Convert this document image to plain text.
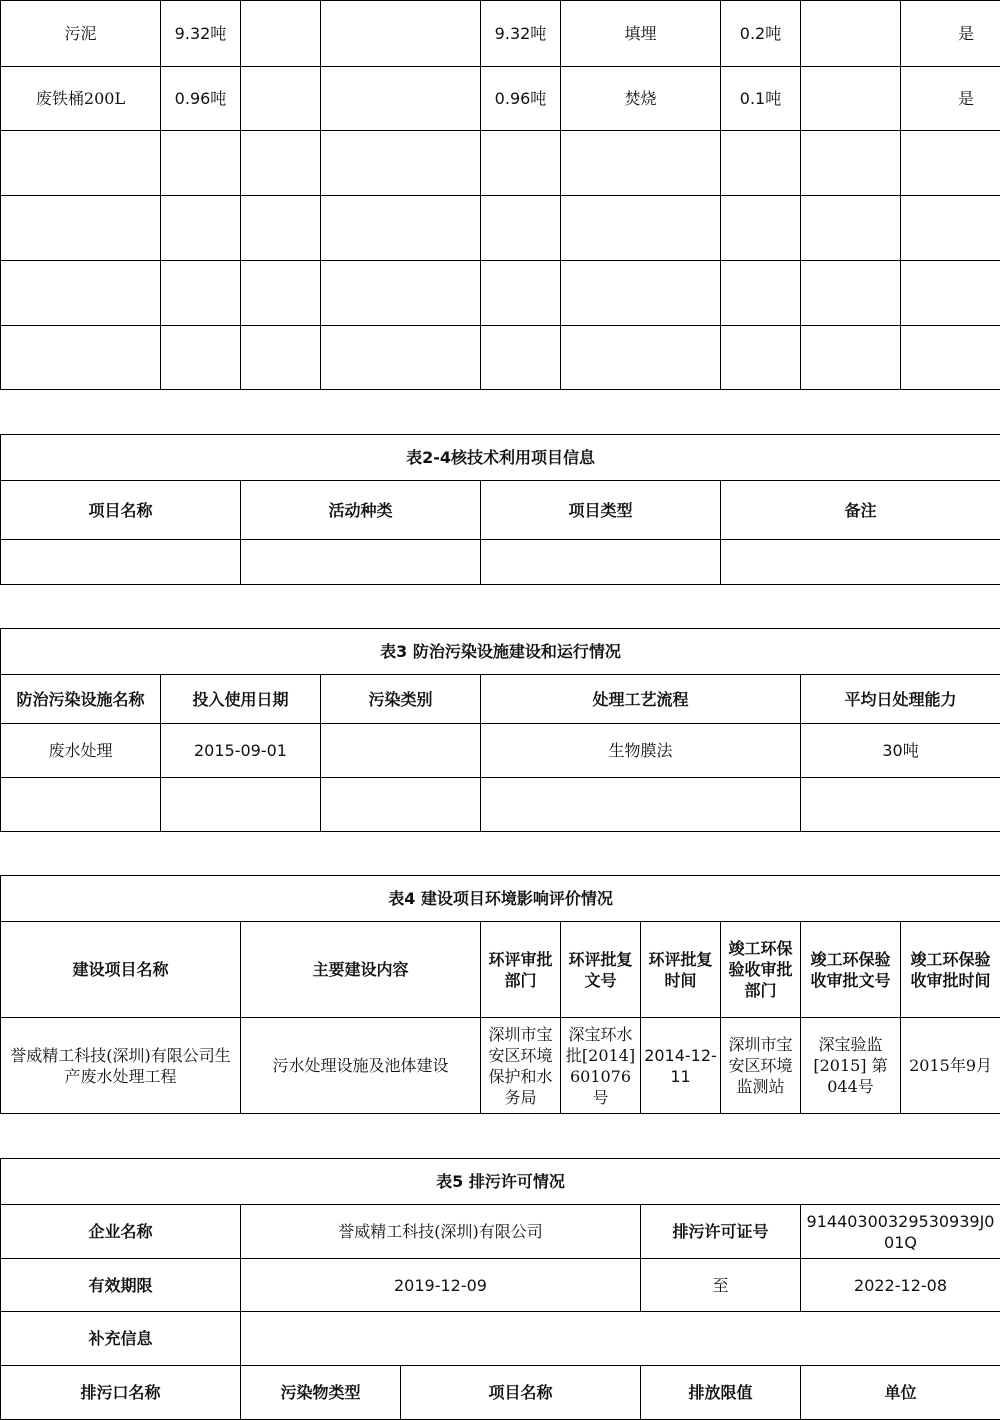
污泥	9.32吨			9.32吨	填埋	0.2吨		是
废铁桶200L	0.96吨			0.96吨	焚烧	0.1吨		是

表2-4核技术利用项目信息			
项目名称	活动种类	项目类型	备注

表3 防治污染设施建设和运行情况				
防治污染设施名称	投入使用日期	污染类别	处理工艺流程	平均日处理能力
废水处理	2015-09-01		生物膜法	30吨

表4 建设项目环境影响评价情况							
建设项目名称	主要建设内容	环评审批部门	环评批复文号	环评批复时间	竣工环保验收审批部门	竣工环保验收审批文号	竣工环保验收审批时间
誉威精工科技(深圳)有限公司生产废水处理工程	污水处理设施及池体建设	深圳市宝安区环境保护和水务局	深宝环水批[2014]601076号	2014-12-11	深圳市宝安区环境监测站	深宝验监[2015] 第044号	2015年9月
表5 排污许可情况				
企业名称	誉威精工科技(深圳)有限公司		排污许可证号	91440300329530939J001Q
有效期限	2019-12-09		至	2022-12-08
补充信息				
排污口名称	污染物类型	项目名称	排放限值	单位
